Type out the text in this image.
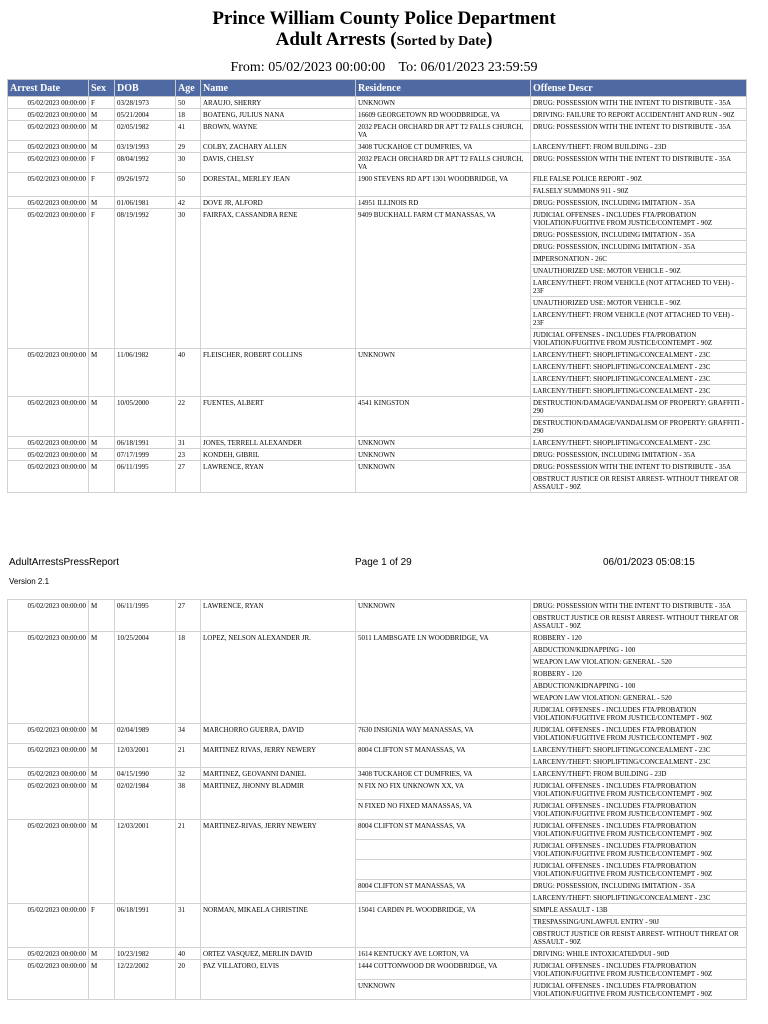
Prince William County Police Department
Adult Arrests (Sorted by Date)
From: 05/02/2023 00:00:00 To: 06/01/2023 23:59:59
Arrest Date	Sex	DOB	Age	Name	Residence	Offense Descr
05/02/2023 00:00:00	F	03/28/1973	50	ARAUJO, SHERRY	UNKNOWN	DRUG: POSSESSION WITH THE INTENT TO DISTRIBUTE - 35A
05/02/2023 00:00:00	M	05/21/2004	18	BOATENG, JULIUS NANA	16609 GEORGETOWN RD WOODBRIDGE, VA	DRIVING: FAILURE TO REPORT ACCIDENT/HIT AND RUN - 90Z
05/02/2023 00:00:00	M	02/05/1982	41	BROWN, WAYNE	2032 PEACH ORCHARD DR APT T2 FALLS CHURCH, VA	DRUG: POSSESSION WITH THE INTENT TO DISTRIBUTE - 35A
05/02/2023 00:00:00	M	03/19/1993	29	COLBY, ZACHARY ALLEN	3408 TUCKAHOE CT DUMFRIES, VA	LARCENY/THEFT: FROM BUILDING - 23D
05/02/2023 00:00:00	F	08/04/1992	30	DAVIS, CHELSY	2032 PEACH ORCHARD DR APT T2 FALLS CHURCH, VA	DRUG: POSSESSION WITH THE INTENT TO DISTRIBUTE - 35A
05/02/2023 00:00:00	F	09/26/1972	50	DORESTAL, MERLEY JEAN	1900 STEVENS RD APT 1301 WOODBRIDGE, VA	FILE FALSE POLICE REPORT - 90Z
						FALSELY SUMMONS 911 - 90Z
05/02/2023 00:00:00	M	01/06/1981	42	DOVE JR, ALFORD	14951 ILLINOIS RD	DRUG: POSSESSION, INCLUDING IMITATION - 35A
05/02/2023 00:00:00	F	08/19/1992	30	FAIRFAX, CASSANDRA RENE	9409 BUCKHALL FARM CT MANASSAS, VA	JUDICIAL OFFENSES - INCLUDES FTA/PROBATION VIOLATION/FUGITIVE FROM JUSTICE/CONTEMPT - 90Z
						DRUG: POSSESSION, INCLUDING IMITATION - 35A
						DRUG: POSSESSION, INCLUDING IMITATION - 35A
						IMPERSONATION - 26C
						UNAUTHORIZED USE: MOTOR VEHICLE - 90Z
						LARCENY/THEFT: FROM VEHICLE (NOT ATTACHED TO VEH) - 23F
						UNAUTHORIZED USE: MOTOR VEHICLE - 90Z
						LARCENY/THEFT: FROM VEHICLE (NOT ATTACHED TO VEH) - 23F
						JUDICIAL OFFENSES - INCLUDES FTA/PROBATION VIOLATION/FUGITIVE FROM JUSTICE/CONTEMPT - 90Z
05/02/2023 00:00:00	M	11/06/1982	40	FLEISCHER, ROBERT COLLINS	UNKNOWN	LARCENY/THEFT: SHOPLIFTING/CONCEALMENT - 23C
						LARCENY/THEFT: SHOPLIFTING/CONCEALMENT - 23C
						LARCENY/THEFT: SHOPLIFTING/CONCEALMENT - 23C
						LARCENY/THEFT: SHOPLIFTING/CONCEALMENT - 23C
05/02/2023 00:00:00	M	10/05/2000	22	FUENTES, ALBERT	4541 KINGSTON	DESTRUCTION/DAMAGE/VANDALISM OF PROPERTY: GRAFFITI - 290
						DESTRUCTION/DAMAGE/VANDALISM OF PROPERTY: GRAFFITI - 290
05/02/2023 00:00:00	M	06/18/1991	31	JONES, TERRELL ALEXANDER	UNKNOWN	LARCENY/THEFT: SHOPLIFTING/CONCEALMENT - 23C
05/02/2023 00:00:00	M	07/17/1999	23	KONDEH, GIBRIL	UNKNOWN	DRUG: POSSESSION, INCLUDING IMITATION - 35A
05/02/2023 00:00:00	M	06/11/1995	27	LAWRENCE, RYAN	UNKNOWN	DRUG: POSSESSION WITH THE INTENT TO DISTRIBUTE - 35A
						OBSTRUCT JUSTICE OR RESIST ARREST- WITHOUT THREAT OR ASSAULT - 90Z
AdultArrestsPressReport	Page 1 of 29	06/01/2023 05:08:15
Version 2.1
05/02/2023 00:00:00	M	06/11/1995	27	LAWRENCE, RYAN	UNKNOWN	DRUG: POSSESSION WITH THE INTENT TO DISTRIBUTE - 35A
						OBSTRUCT JUSTICE OR RESIST ARREST- WITHOUT THREAT OR ASSAULT - 90Z
05/02/2023 00:00:00	M	10/25/2004	18	LOPEZ, NELSON ALEXANDER JR.	5011 LAMBSGATE LN WOODBRIDGE, VA	ROBBERY - 120
						ABDUCTION/KIDNAPPING - 100
						WEAPON LAW VIOLATION: GENERAL - 520
						ROBBERY - 120
						ABDUCTION/KIDNAPPING - 100
						WEAPON LAW VIOLATION: GENERAL - 520
						JUDICIAL OFFENSES - INCLUDES FTA/PROBATION VIOLATION/FUGITIVE FROM JUSTICE/CONTEMPT - 90Z
05/02/2023 00:00:00	M	02/04/1989	34	MARCHORRO GUERRA, DAVID	7630 INSIGNIA WAY MANASSAS, VA	JUDICIAL OFFENSES - INCLUDES FTA/PROBATION VIOLATION/FUGITIVE FROM JUSTICE/CONTEMPT - 90Z
05/02/2023 00:00:00	M	12/03/2001	21	MARTINEZ RIVAS, JERRY NEWERY	8004 CLIFTON ST MANASSAS, VA	LARCENY/THEFT: SHOPLIFTING/CONCEALMENT - 23C
						LARCENY/THEFT: SHOPLIFTING/CONCEALMENT - 23C
05/02/2023 00:00:00	M	04/15/1990	32	MARTINEZ, GEOVANNI DANIEL	3408 TUCKAHOE CT DUMFRIES, VA	LARCENY/THEFT: FROM BUILDING - 23D
05/02/2023 00:00:00	M	02/02/1984	38	MARTINEZ, JHONNY BLADMIR	N FIX NO FIX UNKNOWN XX, VA	JUDICIAL OFFENSES - INCLUDES FTA/PROBATION VIOLATION/FUGITIVE FROM JUSTICE/CONTEMPT - 90Z
					N FIXED NO FIXED MANASSAS, VA	JUDICIAL OFFENSES - INCLUDES FTA/PROBATION VIOLATION/FUGITIVE FROM JUSTICE/CONTEMPT - 90Z
05/02/2023 00:00:00	M	12/03/2001	21	MARTINEZ-RIVAS, JERRY NEWERY	8004 CLIFTON ST MANASSAS, VA	JUDICIAL OFFENSES - INCLUDES FTA/PROBATION VIOLATION/FUGITIVE FROM JUSTICE/CONTEMPT - 90Z
						JUDICIAL OFFENSES - INCLUDES FTA/PROBATION VIOLATION/FUGITIVE FROM JUSTICE/CONTEMPT - 90Z
						JUDICIAL OFFENSES - INCLUDES FTA/PROBATION VIOLATION/FUGITIVE FROM JUSTICE/CONTEMPT - 90Z
					8004 CLIFTON ST MANASSAS, VA	DRUG: POSSESSION, INCLUDING IMITATION - 35A
						LARCENY/THEFT: SHOPLIFTING/CONCEALMENT - 23C
05/02/2023 00:00:00	F	06/18/1991	31	NORMAN, MIKAELA CHRISTINE	15041 CARDIN PL WOODBRIDGE, VA	SIMPLE ASSAULT - 13B
						TRESPASSING/UNLAWFUL ENTRY - 90J
						OBSTRUCT JUSTICE OR RESIST ARREST- WITHOUT THREAT OR ASSAULT - 90Z
05/02/2023 00:00:00	M	10/23/1982	40	ORTEZ VASQUEZ, MERLIN DAVID	1614 KENTUCKY AVE LORTON, VA	DRIVING: WHILE INTOXICATED/DUI - 90D
05/02/2023 00:00:00	M	12/22/2002	20	PAZ VILLATORO, ELVIS	1444 COTTONWOOD DR WOODBRIDGE, VA	JUDICIAL OFFENSES - INCLUDES FTA/PROBATION VIOLATION/FUGITIVE FROM JUSTICE/CONTEMPT - 90Z
					UNKNOWN	JUDICIAL OFFENSES - INCLUDES FTA/PROBATION VIOLATION/FUGITIVE FROM JUSTICE/CONTEMPT - 90Z
